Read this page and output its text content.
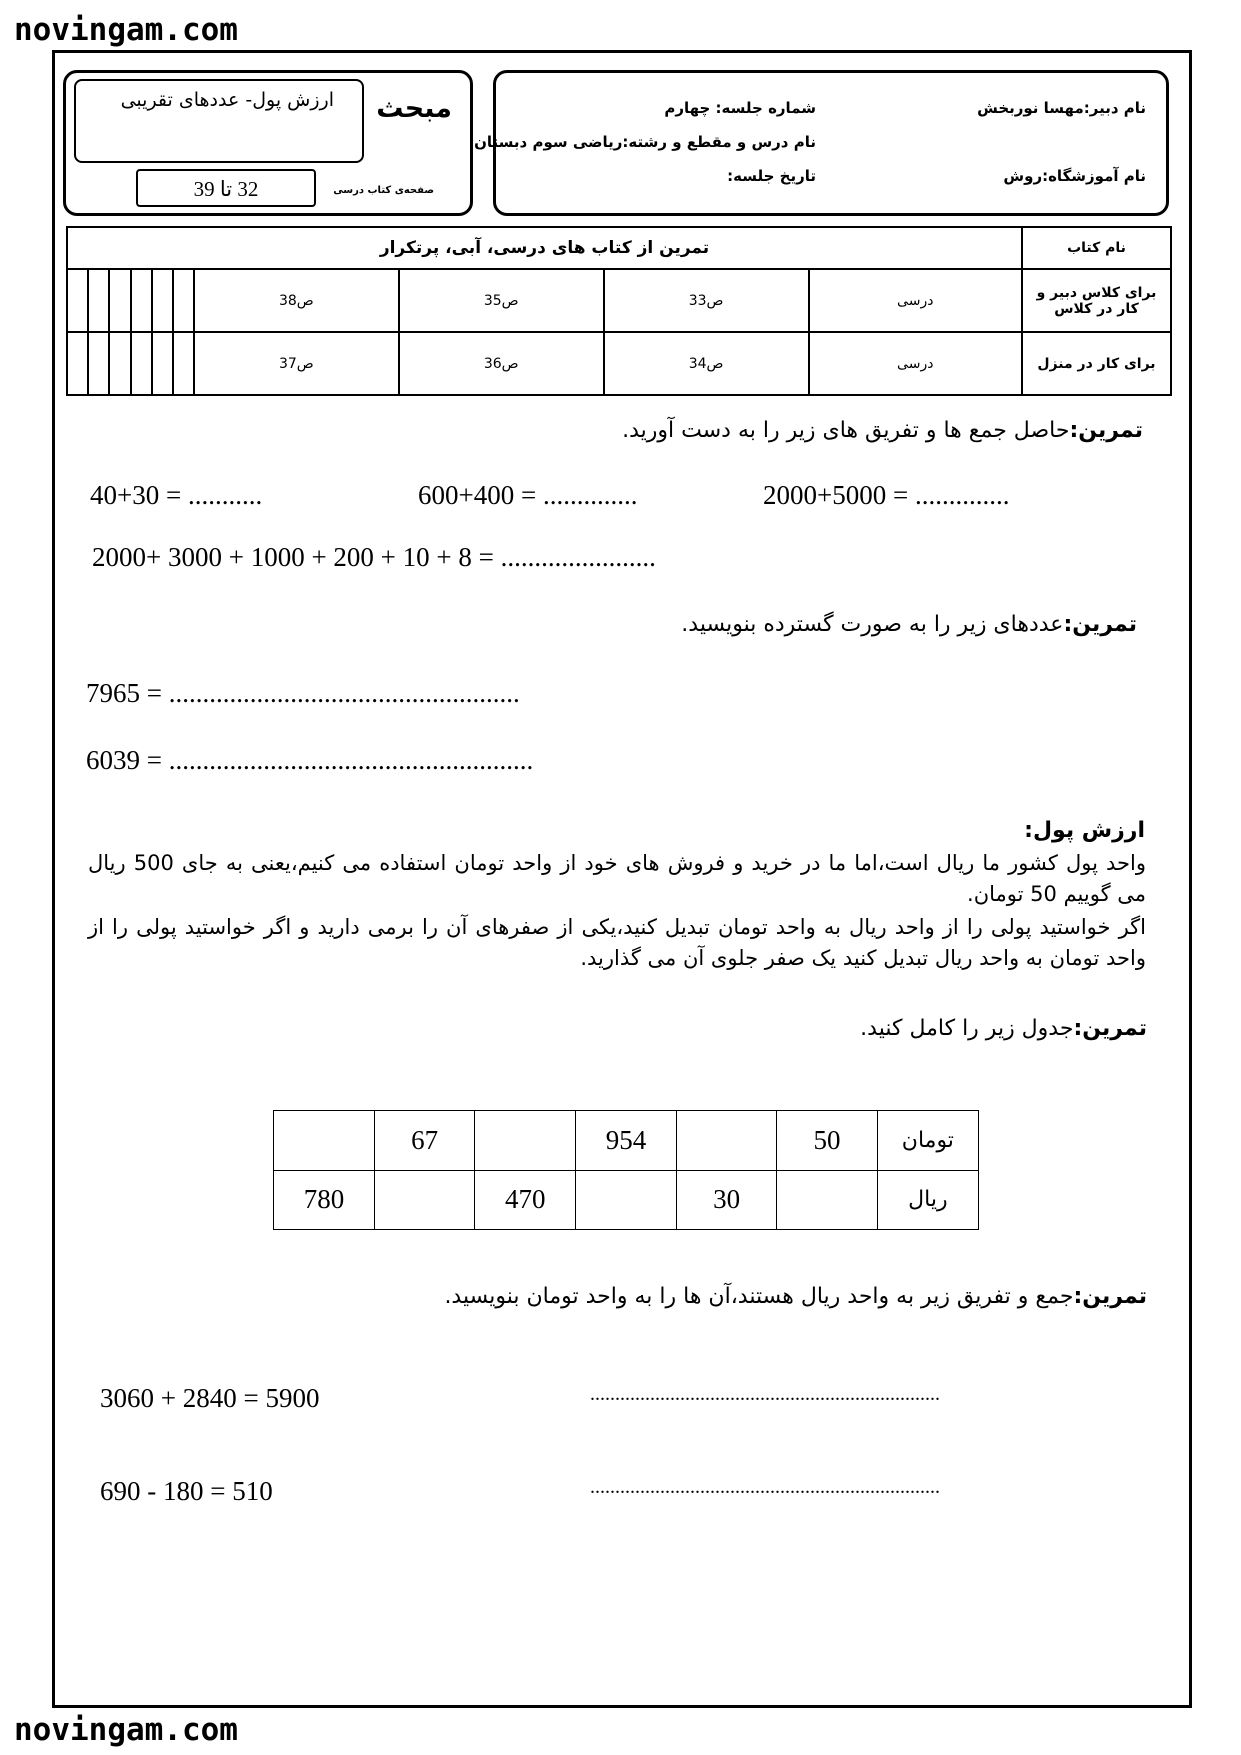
novingam.com
novingam.com
ارزش پول- عددهای تقریبی مبحث
32 تا 39	صفحه‌ی کتاب درسی
نام دبیر:مهسا نوربخش
نام آموزشگاه:روش
شماره جلسه: چهارم
نام درس و مقطع و رشته:ریاضی سوم دبستان
تاریخ جلسه:
نام کتاب	تمرین از کتاب های درسی، آبی، پرتکرار									
برای کلاس دبیر و کار در کلاس	درسی	ص33	ص35	ص38						
برای کار در منزل	درسی	ص34	ص36	ص37						
تمرین:حاصل جمع ها و تفریق های زیر را به دست آورید.
40+30 = ...........	600+400 = ..............	2000+5000 = ..............
2000+ 3000 + 1000 + 200 + 10 + 8 = .......................
تمرین:عددهای زیر را به صورت گسترده بنویسید.
7965 = ....................................................
6039 = ......................................................
ارزش پول:
واحد پول کشور ما ریال است،اما ما در خرید و فروش های خود از واحد تومان استفاده می کنیم،یعنی به جای 500 ریال می گوییم 50 تومان.
اگر خواستید پولی را از واحد ریال به واحد تومان تبدیل کنید،یکی از صفرهای آن را برمی دارید و اگر خواستید پولی را از واحد تومان به واحد ریال تبدیل کنید یک صفر جلوی آن می گذارید.
تمرین:جدول زیر را کامل کنید.
تومان	50		954		67	
ریال		30		470		780
تمرین:جمع و تفریق زیر به واحد ریال هستند،آن ها را به واحد تومان بنویسید.
3060 + 2840 = 5900	......................................................................
690 - 180 = 510	......................................................................
